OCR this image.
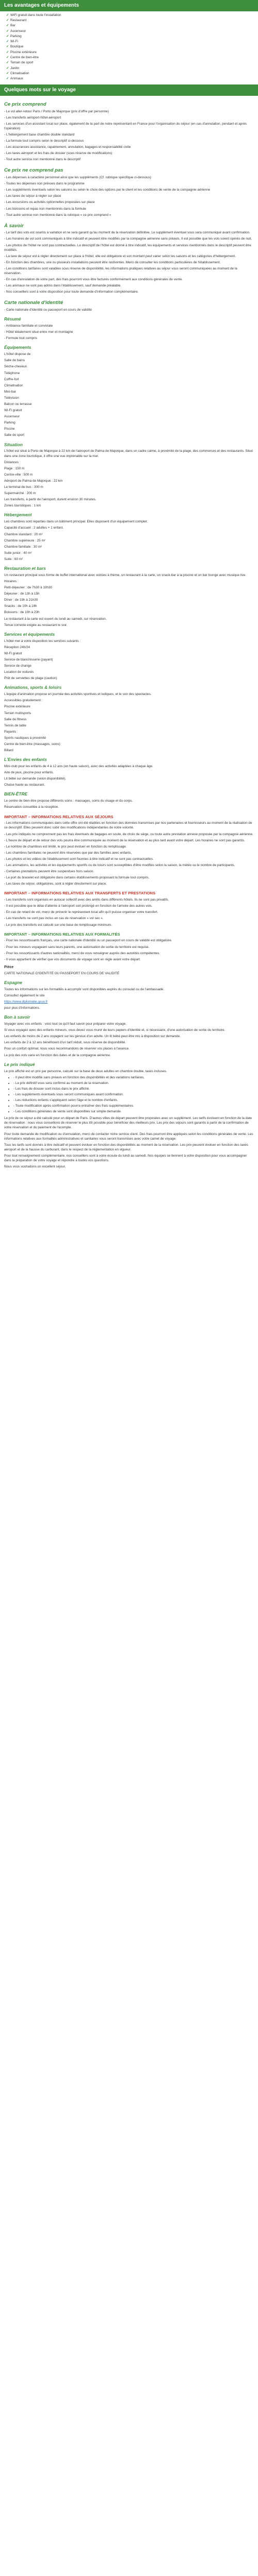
Les avantages et équipements
✓ WiFi gratuit dans toute l'installation
✓ Restaurant
✓ Bar
✓ Ascenseur
✓ Parking
✓ Wi-Fi
✓ Boutique
✓ Piscine extérieure
✓ Centre de bien-être
✓ Terrain de sport
✓ Jardin
✓ Climatisation
✓ Animaux
Quelques mots sur le voyage
Ce prix comprend

- Le vol aller-retour Paris / Porto de Majorque (prix d'offre par personne)

- Les transferts aéroport-hôtel-aéroport

- Les services d'un assistant local sur place, également de la part de notre représentant en France pour l'organisation du séjour (en cas d'annulation, pendant et après l'opération)

- L'hébergement base chambre double standard

- La formule tout compris selon le descriptif ci-dessous

- Les assurances assistance, rapatriement, annulation, bagages et responsabilité civile

- Les taxes aéroport et les frais de dossier (sous réserve de modifications)

- Tout autre service non mentionné dans le descriptif

Ce prix ne comprend pas

- Les dépenses à caractère personnel ainsi que les suppléments (Cf. rubrique spécifique ci-dessous)

- Toutes les dépenses non prévues dans le programme

- Les suppléments éventuels selon les saisons ou selon le choix des options par le client et les conditions de vente de la compagnie aérienne

- Les taxes de séjour à régler sur place

- Les excursions ou activités optionnelles proposées sur place

- Les boissons et repas non mentionnés dans la formule

- Tout autre service non mentionné dans la rubrique « ce prix comprend »

À savoir

- Le tarif des vols est soumis à variation et ne sera garanti qu'au moment de la réservation définitive. Le supplément éventuel vous sera communiqué avant confirmation.

- Les horaires de vol sont communiqués à titre indicatif et peuvent être modifiés par la compagnie aérienne sans préavis. Il est possible que les vols soient opérés de nuit.

- Les photos de l'hôtel ne sont pas contractuelles. Le descriptif de l'hôtel est donné à titre indicatif, les équipements et services mentionnés dans le descriptif peuvent être modifiés.

- La taxe de séjour est à régler directement sur place à l'hôtel, elle est obligatoire et son montant peut varier selon les saisons et les catégories d'hébergement.

- En fonction des chambres, une ou plusieurs installations peuvent être restreintes. Merci de consulter les conditions particulières de l'établissement.

- Les conditions tarifaires sont valables sous réserve de disponibilité, les informations pratiques relatives au séjour vous seront communiquées au moment de la réservation.

- En cas d'annulation de votre part, des frais pourront vous être facturés conformément aux conditions générales de vente.

- Les animaux ne sont pas admis dans l'établissement, sauf demande préalable.

- Nos conseillers sont à votre disposition pour toute demande d'information complémentaire.

Carte nationale d'identité

- Carte nationale d'identité ou passeport en cours de validité

Résumé

- Ambiance familiale et conviviale

- Hôtel idéalement situé entre mer et montagne

- Formule tout compris

Équipements

L'hôtel dispose de :

Salle de bains

Sèche-cheveux

Téléphone

Coffre-fort

Climatisation

Mini-bar

Télévision

Balcon ou terrasse

Wi-Fi gratuit

Ascenseur

Parking

Piscine

Salle de sport

Situation

L'hôtel est situé à Porto de Majorque à 22 km de l'aéroport de Palma de Majorque, dans un cadre calme, à proximité de la plage, des commerces et des restaurants. Situé dans une zone touristique, il offre une vue imprenable sur la mer.

Distances :

Plage : 150 m

Centre-ville : 500 m

Aéroport de Palma de Majorque : 22 km

Le terminal de bus : 300 m

Supermarché : 200 m

Les transferts, à partir de l'aéroport, durent environ 30 minutes.

Zones touristiques : 1 km

Hébergement

Les chambres sont réparties dans un bâtiment principal. Elles disposent d'un équipement complet.

Capacité d'accueil : 2 adultes + 1 enfant.

Chambre standard : 20 m²

Chambre supérieure : 25 m²

Chambre familiale : 30 m²

Suite junior : 40 m²

Suite : 60 m²

Restauration et bars

Un restaurant principal sous forme de buffet international avec soirées à thème, un restaurant à la carte, un snack-bar à la piscine et un bar lounge avec musique live.

Horaires :

Petit-déjeuner : de 7h30 à 10h30

Déjeuner : de 13h à 15h

Dîner : de 19h à 21h30

Snacks : de 10h à 18h

Boissons : de 10h à 23h

Le restaurant à la carte est ouvert du lundi au samedi, sur réservation.

Tenue correcte exigée au restaurant le soir.

Services et équipements

L'hôtel met à votre disposition les services suivants :

Réception 24h/24

Wi-Fi gratuit

Service de blanchisserie (payant)

Service de change

Location de voitures

Prêt de serviettes de plage (caution)

Animations, sports & loisirs

L'équipe d'animation propose en journée des activités sportives et ludiques, et le soir des spectacles.

Accessibles gratuitement :

Piscine extérieure

Terrain multisports

Salle de fitness

Tennis de table

Payants :

Sports nautiques à proximité

Centre de bien-être (massages, soins)

Billard

L'Envies des enfants

Mini-club pour les enfants de 4 à 12 ans (en haute saison), avec des activités adaptées à chaque âge.

Aire de jeux, piscine pour enfants.

Lit bébé sur demande (selon disponibilité).

Chaise haute au restaurant.

BIEN-ÊTRE

Le centre de bien-être propose différents soins : massages, soins du visage et du corps.

Réservation conseillée à la réception.

IMPORTANT – INFORMATIONS RELATIVES AUX SÉJOURS

- Les informations communiquées dans cette offre ont été établies en fonction des données transmises par nos partenaires et fournisseurs au moment de la réalisation de ce descriptif. Elles peuvent donc subir des modifications indépendantes de notre volonté.

- Les prix indiqués ne comprennent pas les frais éventuels de bagages en soute, de choix de siège, ou toute autre prestation annexe proposée par la compagnie aérienne.

- L'heure de départ et de retour des vols pourra être communiquée au moment de la réservation et au plus tard avant votre départ. Les horaires ne sont pas garantis.

- Le nombre de chambres est limité, le prix peut évoluer en fonction du remplissage.

- Les chambres familiales ne peuvent être réservées que par des familles avec enfants.

- Les photos et les vidéos de l'établissement sont fournies à titre indicatif et ne sont pas contractuelles.

- Les animations, les activités et les équipements sportifs ou de loisirs sont susceptibles d'être modifiés selon la saison, la météo ou le nombre de participants.

- Certaines prestations peuvent être suspendues hors saison.

- Le port du bracelet est obligatoire dans certains établissements proposant la formule tout compris.

- Les taxes de séjour, obligatoires, sont à régler directement sur place.

IMPORTANT – INFORMATIONS RELATIVES AUX TRANSFERTS ET PRESTATIONS

- Les transferts sont organisés en autocar collectif avec des arrêts dans différents hôtels. Ils ne sont pas privatifs.

- Il est possible que le délai d'attente à l'aéroport soit prolongé en fonction de l'arrivée des autres vols.

- En cas de retard de vol, merci de prévenir le représentant local afin qu'il puisse organiser votre transfert.

- Les transferts ne sont pas inclus en cas de réservation « vol sec ».

- Le prix des transferts est calculé sur une base de remplissage minimum.

IMPORTANT – INFORMATIONS RELATIVES AUX FORMALITÉS

- Pour les ressortissants français, une carte nationale d'identité ou un passeport en cours de validité est obligatoire.

- Pour les mineurs voyageant sans leurs parents, une autorisation de sortie du territoire est requise.

- Pour les ressortissants d'autres nationalités, merci de vous renseigner auprès des autorités compétentes.

- Il vous appartient de vérifier que vos documents de voyage sont en règle avant votre départ.

Pièce

CARTE NATIONALE D'IDENTITÉ OU PASSEPORT EN COURS DE VALIDITÉ

Espagne

Toutes les informations sur les formalités à accomplir sont disponibles auprès du consulat ou de l'ambassade.

Consultez également le site

https://www.diplomatie.gouv.fr

pour plus d'informations.

Bon à savoir

Voyager avec vos enfants : voici tout ce qu'il faut savoir pour préparer votre voyage.

Si vous voyagez avec des enfants mineurs, vous devez vous munir de leurs papiers d'identité et, si nécessaire, d'une autorisation de sortie du territoire.

Les enfants de moins de 2 ans voyagent sur les genoux d'un adulte. Un lit bébé peut être mis à disposition sur demande.

Les enfants de 2 à 12 ans bénéficient d'un tarif réduit, sous réserve de disponibilité.

Pour un confort optimal, nous vous recommandons de réserver vos places à l'avance.

Le prix des vols varie en fonction des dates et de la compagnie aérienne.

Le prix indiqué

Le prix affiché est un prix par personne, calculé sur la base de deux adultes en chambre double, taxes incluses.

• - Il peut être modifié sans préavis en fonction des disponibilités et des variations tarifaires.
• - Le prix définitif vous sera confirmé au moment de la réservation.
• - Les frais de dossier sont inclus dans le prix affiché.
• - Les suppléments éventuels vous seront communiqués avant confirmation.
• - Les réductions enfants s'appliquent selon l'âge et le nombre d'enfants.
• - Toute modification après confirmation pourra entraîner des frais supplémentaires.
• - Les conditions générales de vente sont disponibles sur simple demande.

Le prix de ce séjour a été calculé pour un départ de Paris. D'autres villes de départ peuvent être proposées avec un supplément. Les tarifs évoluent en fonction de la date de réservation : nous vous conseillons de réserver le plus tôt possible pour bénéficier des meilleurs prix. Les prix des séjours sont garantis à partir de la confirmation de votre réservation et du paiement de l'acompte.

Pour toute demande de modification ou d'annulation, merci de contacter notre service client. Des frais pourront être appliqués selon les conditions générales de vente. Les informations relatives aux formalités administratives et sanitaires vous seront transmises avec votre carnet de voyage.

Tous les tarifs sont donnés à titre indicatif et peuvent évoluer en fonction des disponibilités au moment de la réservation. Les prix peuvent évoluer en fonction des taxes aéroport et de la hausse du carburant, dans le respect de la réglementation en vigueur.

Pour tout renseignement complémentaire, nos conseillers sont à votre écoute du lundi au samedi. Nos équipes se tiennent à votre disposition pour vous accompagner dans la préparation de votre voyage et répondre à toutes vos questions.

Nous vous souhaitons un excellent séjour.
